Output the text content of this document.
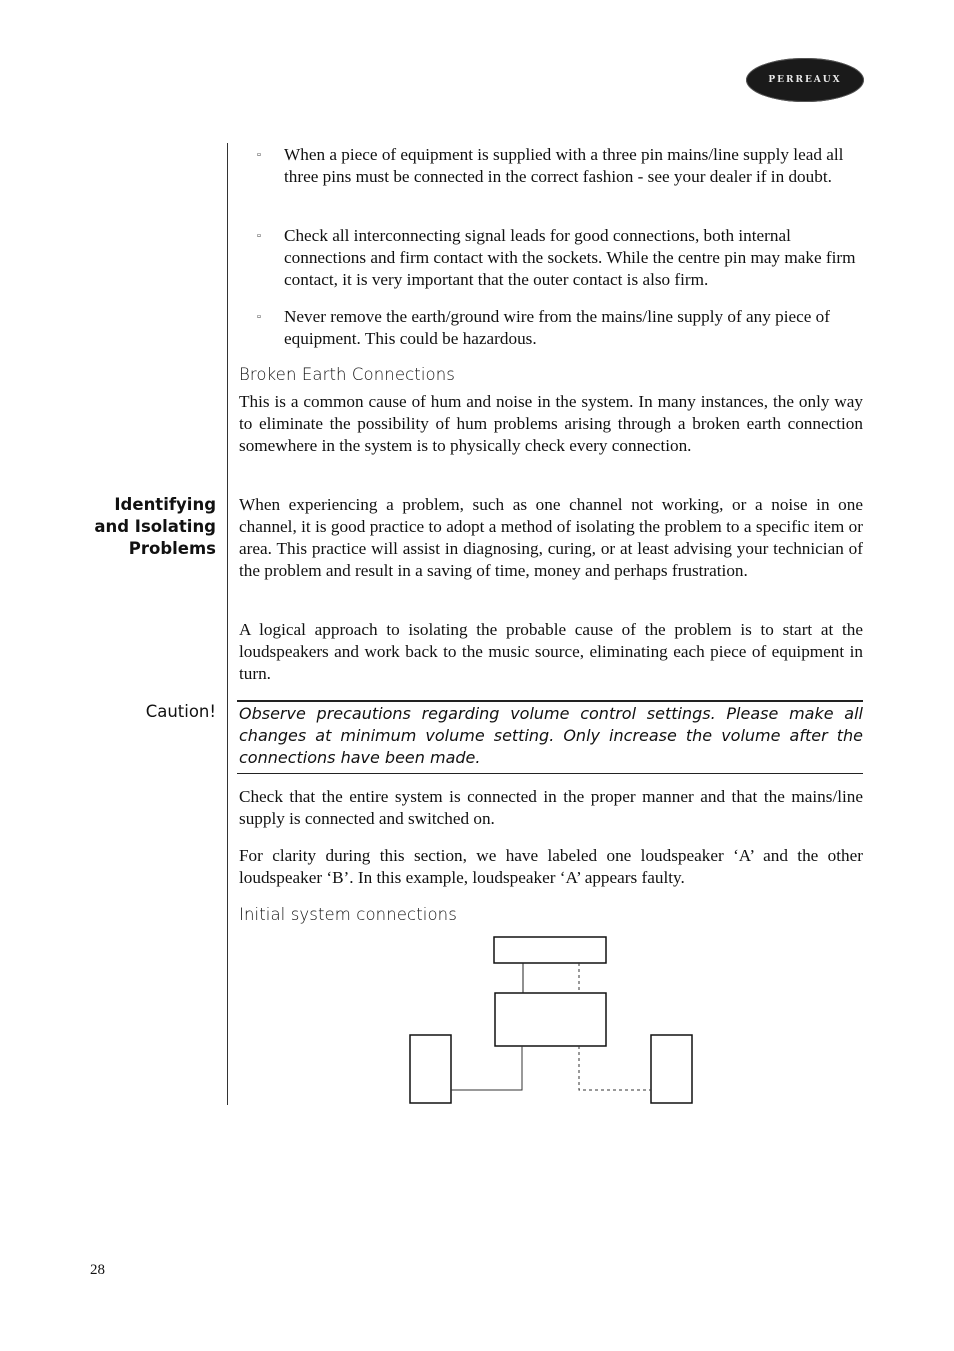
PERREAUX
▫ When a piece of equipment is supplied with a three pin mains/line supply lead all three pins must be connected in the correct fashion - see your dealer if in doubt.
▫ Check all interconnecting signal leads for good connections, both internal connections and firm contact with the sockets. While the centre pin may make firm contact, it is very important that the outer contact is also firm.
▫ Never remove the earth/ground wire from the mains/line supply of any piece of equipment. This could be hazardous.
Broken Earth Connections
This is a common cause of hum and noise in the system. In many instances, the only way to eliminate the possibility of hum problems arising through a broken earth connection somewhere in the system is to physically check every connection.
Identifying
and Isolating
Problems
When experiencing a problem, such as one channel not working, or a noise in one channel, it is good practice to adopt a method of isolating the problem to a specific item or area. This practice will assist in diagnosing, curing, or at least advising your technician of the problem and result in a saving of time, money and perhaps frustration.
A logical approach to isolating the probable cause of the problem is to start at the loudspeakers and work back to the music source, eliminating each piece of equipment in turn.
Caution! Observe precautions regarding volume control settings. Please make all changes at minimum volume setting. Only increase the volume after the connections have been made.
Check that the entire system is connected in the proper manner and that the mains/line supply is connected and switched on.
For clarity during this section, we have labeled one loudspeaker ‘A’ and the other loudspeaker ‘B’. In this example, loudspeaker ‘A’ appears faulty.
Initial system connections
28
